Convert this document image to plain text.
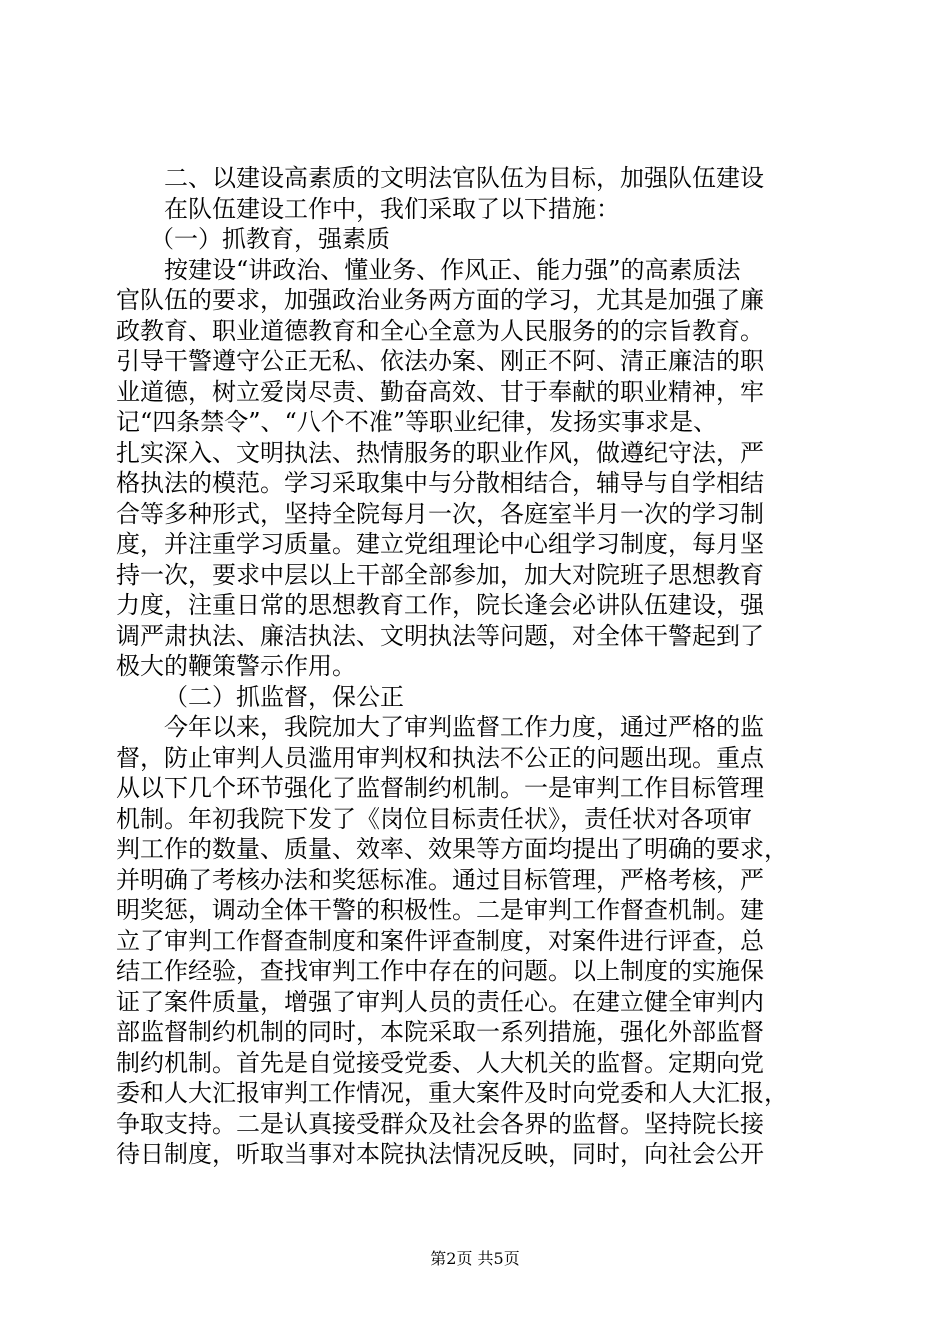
二、以建设高素质的文明法官队伍为目标，加强队伍建设
在队伍建设工作中，我们采取了以下措施：
（一）抓教育，强素质
按建设“讲政治、懂业务、作风正、能力强”的高素质法
官队伍的要求，加强政治业务两方面的学习，尤其是加强了廉
政教育、职业道德教育和全心全意为人民服务的的宗旨教育。
引导干警遵守公正无私、依法办案、刚正不阿、清正廉洁的职
业道德，树立爱岗尽责、勤奋高效、甘于奉献的职业精神，牢
记“四条禁令”、“八个不准”等职业纪律，发扬实事求是、
扎实深入、文明执法、热情服务的职业作风，做遵纪守法，严
格执法的模范。学习采取集中与分散相结合，辅导与自学相结
合等多种形式，坚持全院每月一次，各庭室半月一次的学习制
度，并注重学习质量。建立党组理论中心组学习制度，每月坚
持一次，要求中层以上干部全部参加，加大对院班子思想教育
力度，注重日常的思想教育工作，院长逢会必讲队伍建设，强
调严肃执法、廉洁执法、文明执法等问题，对全体干警起到了
极大的鞭策警示作用。
（二）抓监督，保公正
今年以来，我院加大了审判监督工作力度，通过严格的监
督，防止审判人员滥用审判权和执法不公正的问题出现。重点
从以下几个环节强化了监督制约机制。一是审判工作目标管理
机制。年初我院下发了《岗位目标责任状》，责任状对各项审
判工作的数量、质量、效率、效果等方面均提出了明确的要求，
并明确了考核办法和奖惩标准。通过目标管理，严格考核，严
明奖惩，调动全体干警的积极性。二是审判工作督查机制。建
立了审判工作督查制度和案件评查制度，对案件进行评查，总
结工作经验，查找审判工作中存在的问题。以上制度的实施保
证了案件质量，增强了审判人员的责任心。在建立健全审判内
部监督制约机制的同时，本院采取一系列措施，强化外部监督
制约机制。首先是自觉接受党委、人大机关的监督。定期向党
委和人大汇报审判工作情况，重大案件及时向党委和人大汇报，
争取支持。二是认真接受群众及社会各界的监督。坚持院长接
待日制度，听取当事对本院执法情况反映，同时，向社会公开
第2页 共5页
